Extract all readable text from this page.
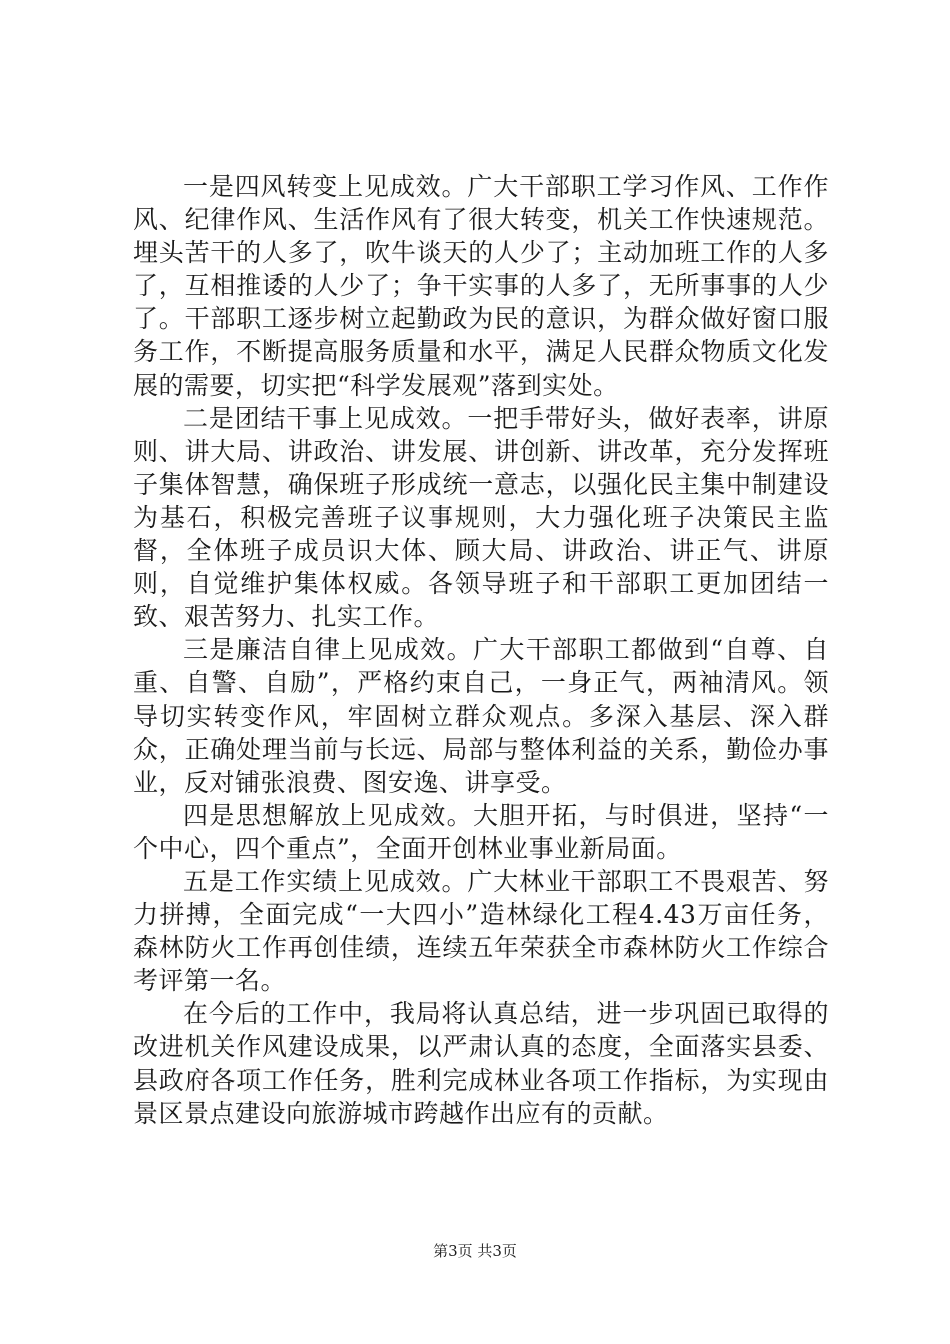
一是四风转变上见成效。广大干部职工学习作风、工作作风、纪律作风、生活作风有了很大转变，机关工作快速规范。埋头苦干的人多了，吹牛谈天的人少了；主动加班工作的人多了，互相推诿的人少了；争干实事的人多了，无所事事的人少了。干部职工逐步树立起勤政为民的意识，为群众做好窗口服务工作，不断提高服务质量和水平，满足人民群众物质文化发展的需要，切实把“科学发展观”落到实处。

二是团结干事上见成效。一把手带好头，做好表率，讲原则、讲大局、讲政治、讲发展、讲创新、讲改革，充分发挥班子集体智慧，确保班子形成统一意志，以强化民主集中制建设为基石，积极完善班子议事规则，大力强化班子决策民主监督，全体班子成员识大体、顾大局、讲政治、讲正气、讲原则，自觉维护集体权威。各领导班子和干部职工更加团结一致、艰苦努力、扎实工作。

三是廉洁自律上见成效。广大干部职工都做到“自尊、自重、自警、自励”，严格约束自己，一身正气，两袖清风。领导切实转变作风，牢固树立群众观点。多深入基层、深入群众，正确处理当前与长远、局部与整体利益的关系，勤俭办事业，反对铺张浪费、图安逸、讲享受。

四是思想解放上见成效。大胆开拓，与时俱进，坚持“一个中心，四个重点”，全面开创林业事业新局面。

五是工作实绩上见成效。广大林业干部职工不畏艰苦、努力拼搏，全面完成“一大四小”造林绿化工程4.43万亩任务，森林防火工作再创佳绩，连续五年荣获全市森林防火工作综合考评第一名。

在今后的工作中，我局将认真总结，进一步巩固已取得的改进机关作风建设成果，以严肃认真的态度，全面落实县委、县政府各项工作任务，胜利完成林业各项工作指标，为实现由景区景点建设向旅游城市跨越作出应有的贡献。

第3页 共3页
